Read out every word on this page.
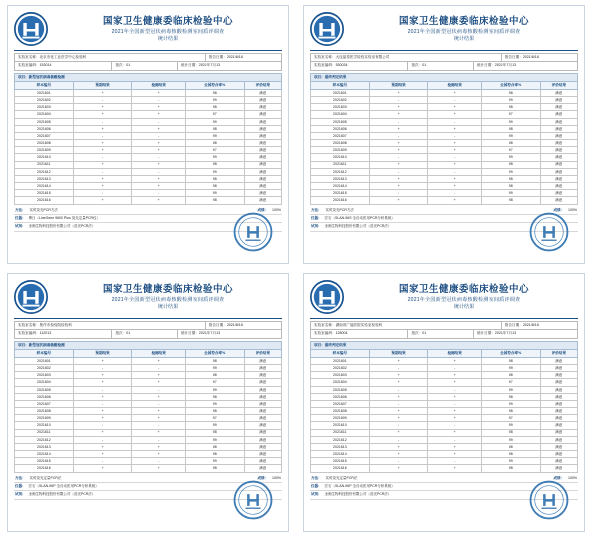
国家卫生健康委临床检验中心
2021年全国新型冠状病毒核酸检测室间质评调查
统计结果
实验室名称：北京市化工业医学中心检验科	报告日期：2021/8/18
实验室编码：153014	批次：01	统计日期：2021年7月13
项目：新型冠状病毒核酸检测				
样本编号	预期结果	检测结果	全国符合率%	评价结果
2021601	+	+	98	满意
2021602	-	-	99	满意
2021603	+	+	98	满意
2021604	+	+	97	满意
2021605	-	-	99	满意
2021606	+	+	98	满意
2021607	-	-	99	满意
2021608	+	+	98	满意
2021609	+	+	97	满意
2021610	-	-	99	满意
2021611	+	+	98	满意
2021612	-	-	99	满意
2021613	+	+	98	满意
2021614	+	+	98	满意
2021615	-	-	99	满意
2021616	+	+	98	满意
方法： 实时荧光PCR方法	成绩： 100%
仪器： 博日（LineGene 9600 Plus 荧光定量PCR仪）
试剂： 圣湘生物科技股份有限公司（荧光PCR法）
国家卫生健康委临床检验中心
2021年全国新型冠状病毒核酸检测室间质评调查
统计结果
实验室名称：大连晶泰医学检验实验室有限公司	报告日期：2021/8/18
实验室编码：530034	批次：01	统计日期：2021年7月13
项目：最终判定结果				
样本编号	预期结果	检测结果	全国符合率%	评价结果
2021601	+	+	98	满意
2021602	-	-	99	满意
2021603	+	+	98	满意
2021604	+	+	97	满意
2021605	-	-	99	满意
2021606	+	+	98	满意
2021607	-	-	99	满意
2021608	+	+	98	满意
2021609	+	+	97	满意
2021610	-	-	99	满意
2021611	+	+	98	满意
2021612	-	-	99	满意
2021613	+	+	98	满意
2021614	+	+	98	满意
2021615	-	-	99	满意
2021616	+	+	98	满意
方法： 实时荧光PCR方法	成绩： 100%
仪器： 宏石（SLAN-96S 全自动医用PCR分析系统）
试剂： 圣湘生物科技股份有限公司（荧光PCR法）
国家卫生健康委临床检验中心
2021年全国新型冠状病毒核酸检测室间质评调查
统计结果
实验室名称：焦作市检验院检验科	报告日期：2021/8/18
实验室编码：112013	批次：01	统计日期：2021年7月13
项目：新型冠状病毒核酸检测				
样本编号	预期结果	检测结果	全国符合率%	评价结果
2021601	+	+	98	满意
2021602	-	-	99	满意
2021603	+	+	98	满意
2021604	+	+	97	满意
2021605	-	-	99	满意
2021606	+	+	98	满意
2021607	-	-	99	满意
2021608	+	+	98	满意
2021609	+	+	97	满意
2021610	-	-	99	满意
2021611	+	+	98	满意
2021612	-	-	99	满意
2021613	+	+	98	满意
2021614	+	+	98	满意
2021615	-	-	99	满意
2021616	+	+	98	满意
方法： 实时荧光定量PCR法	成绩： 100%
仪器： 宏石（SLAN-96P 全自动医用PCR分析系统）
试剂： 圣湘生物科技股份有限公司（荧光PCR法）
国家卫生健康委临床检验中心
2021年全国新型冠状病毒核酸检测室间质评调查
统计结果
实验室名称：湖南省广福医院实验室检验科	报告日期：2021/8/18
实验室编码：128004	批次：01	统计日期：2021年7月13
项目：最终判定结果				
样本编号	预期结果	检测结果	全国符合率%	评价结果
2021601	+	+	98	满意
2021602	-	-	99	满意
2021603	+	+	98	满意
2021604	+	+	97	满意
2021605	-	-	99	满意
2021606	+	+	98	满意
2021607	-	-	99	满意
2021608	+	+	98	满意
2021609	+	+	97	满意
2021610	-	-	99	满意
2021611	+	+	98	满意
2021612	-	-	99	满意
2021613	+	+	98	满意
2021614	+	+	98	满意
2021615	-	-	99	满意
2021616	+	+	98	满意
方法： 实时荧光定量PCR法	成绩： 100%
仪器： 宏石（SLAN-96P 全自动医用PCR分析系统）
试剂： 圣湘生物科技股份有限公司（荧光PCR法）
